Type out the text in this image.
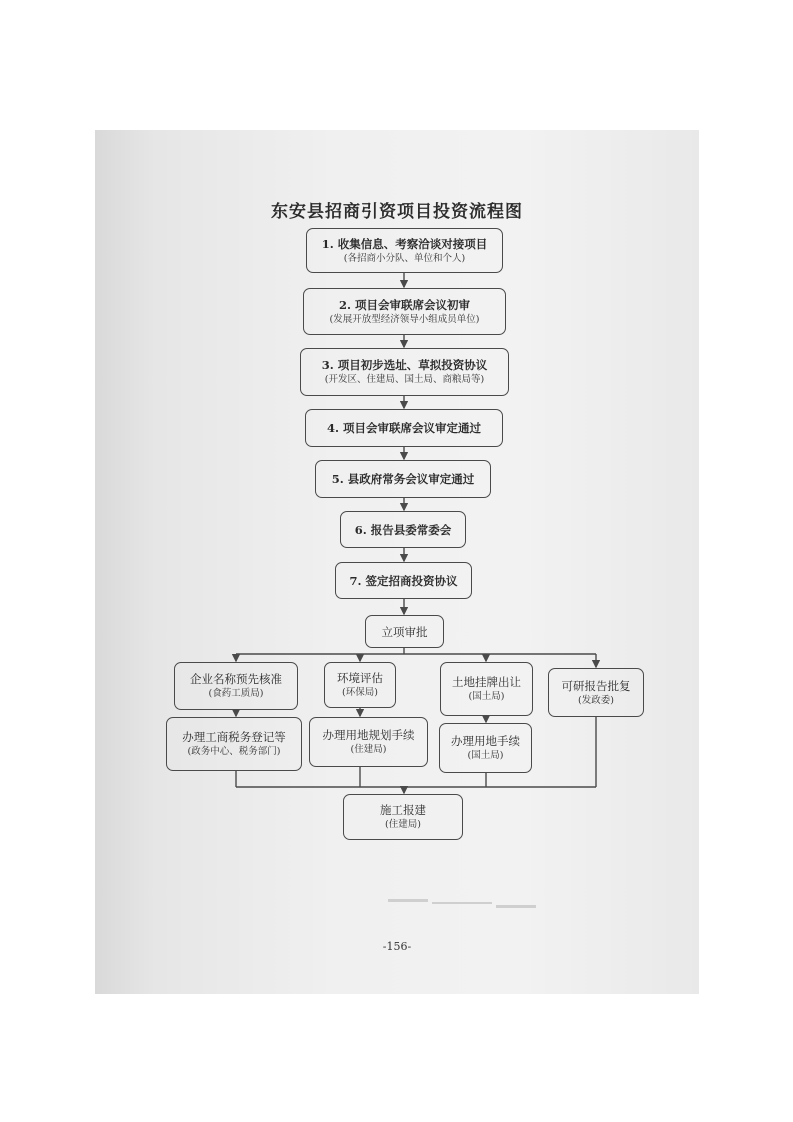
东安县招商引资项目投资流程图
1. 收集信息、考察洽谈对接项目
(各招商小分队、单位和个人)
2. 项目会审联席会议初审
(发展开放型经济领导小组成员单位)
3. 项目初步选址、草拟投资协议
(开发区、住建局、国土局、商粮局等)
4. 项目会审联席会议审定通过
5. 县政府常务会议审定通过
6. 报告县委常委会
7. 签定招商投资协议
立项审批
企业名称预先核准
(食药工质局)
环境评估
(环保局)
土地挂牌出让
(国土局)
可研报告批复
(发政委)
办理工商税务登记等
(政务中心、税务部门)
办理用地规划手续
(住建局)
办理用地手续
(国土局)
施工报建
(住建局)
-156-
